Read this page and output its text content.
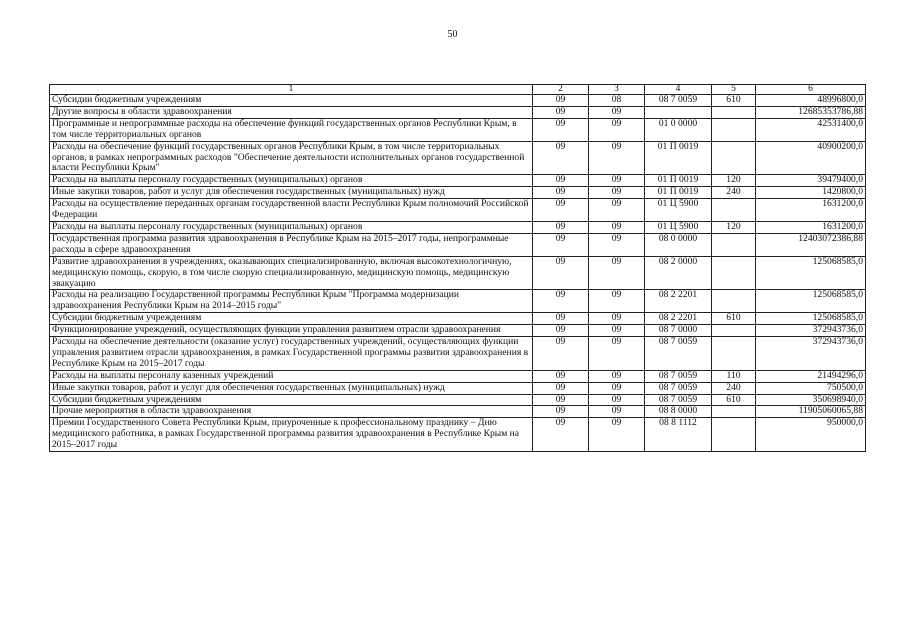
50
1	2	3	4	5	6
Субсидии бюджетным учреждениям	09	08	08 7 0059	610	48996800,0
Другие вопросы в области здравоохранения	09	09			12685353786,88
Программные и непрограммные расходы на обеспечение функций государственных органов Республики Крым, в том числе территориальных органов	09	09	01 0 0000		42531400,0
Расходы на обеспечение функций государственных органов Республики Крым, в том числе территориальных органов, в рамках непрограммных расходов "Обеспечение деятельности исполнительных органов государственной власти Республики Крым"	09	09	01 П 0019		40900200,0
Расходы на выплаты персоналу государственных (муниципальных) органов	09	09	01 П 0019	120	39479400,0
Иные закупки товаров, работ и услуг для обеспечения государственных (муниципальных) нужд	09	09	01 П 0019	240	1420800,0
Расходы на осуществление переданных органам государственной власти Республики Крым полномочий Российской Федерации	09	09	01 Ц 5900		1631200,0
Расходы на выплаты персоналу государственных (муниципальных) органов	09	09	01 Ц 5900	120	1631200,0
Государственная программа развития здравоохранения в Республике Крым на 2015–2017 годы, непрограммные расходы в сфере здравоохранения	09	09	08 0 0000		12403072386,88
Развитие здравоохранения в учреждениях, оказывающих специализированную, включая высокотехнологичную, медицинскую помощь, скорую, в том числе скорую специализированную, медицинскую помощь, медицинскую эвакуацию	09	09	08 2 0000		125068585,0
Расходы на реализацию Государственной программы Республики Крым "Программа модернизации здравоохранения Республики Крым на 2014–2015 годы"	09	09	08 2 2201		125068585,0
Субсидии бюджетным учреждениям	09	09	08 2 2201	610	125068585,0
Функционирование учреждений, осуществляющих функции управления развитием отрасли здравоохранения	09	09	08 7 0000		372943736,0
Расходы на обеспечение деятельности (оказание услуг) государственных учреждений, осуществляющих функции управления развитием отрасли здравоохранения, в рамках Государственной программы развития здравоохранения в Республике Крым на 2015–2017 годы	09	09	08 7 0059		372943736,0
Расходы на выплаты персоналу казенных учреждений	09	09	08 7 0059	110	21494296,0
Иные закупки товаров, работ и услуг для обеспечения государственных (муниципальных) нужд	09	09	08 7 0059	240	750500,0
Субсидии бюджетным учреждениям	09	09	08 7 0059	610	350698940,0
Прочие мероприятия в области здравоохранения	09	09	08 8 0000		11905060065,88
Премии Государственного Совета Республики Крым, приуроченные к профессиональному празднику – Дню медицинского работника, в рамках Государственной программы развития здравоохранения в Республике Крым на 2015–2017 годы	09	09	08 8 1112		950000,0
